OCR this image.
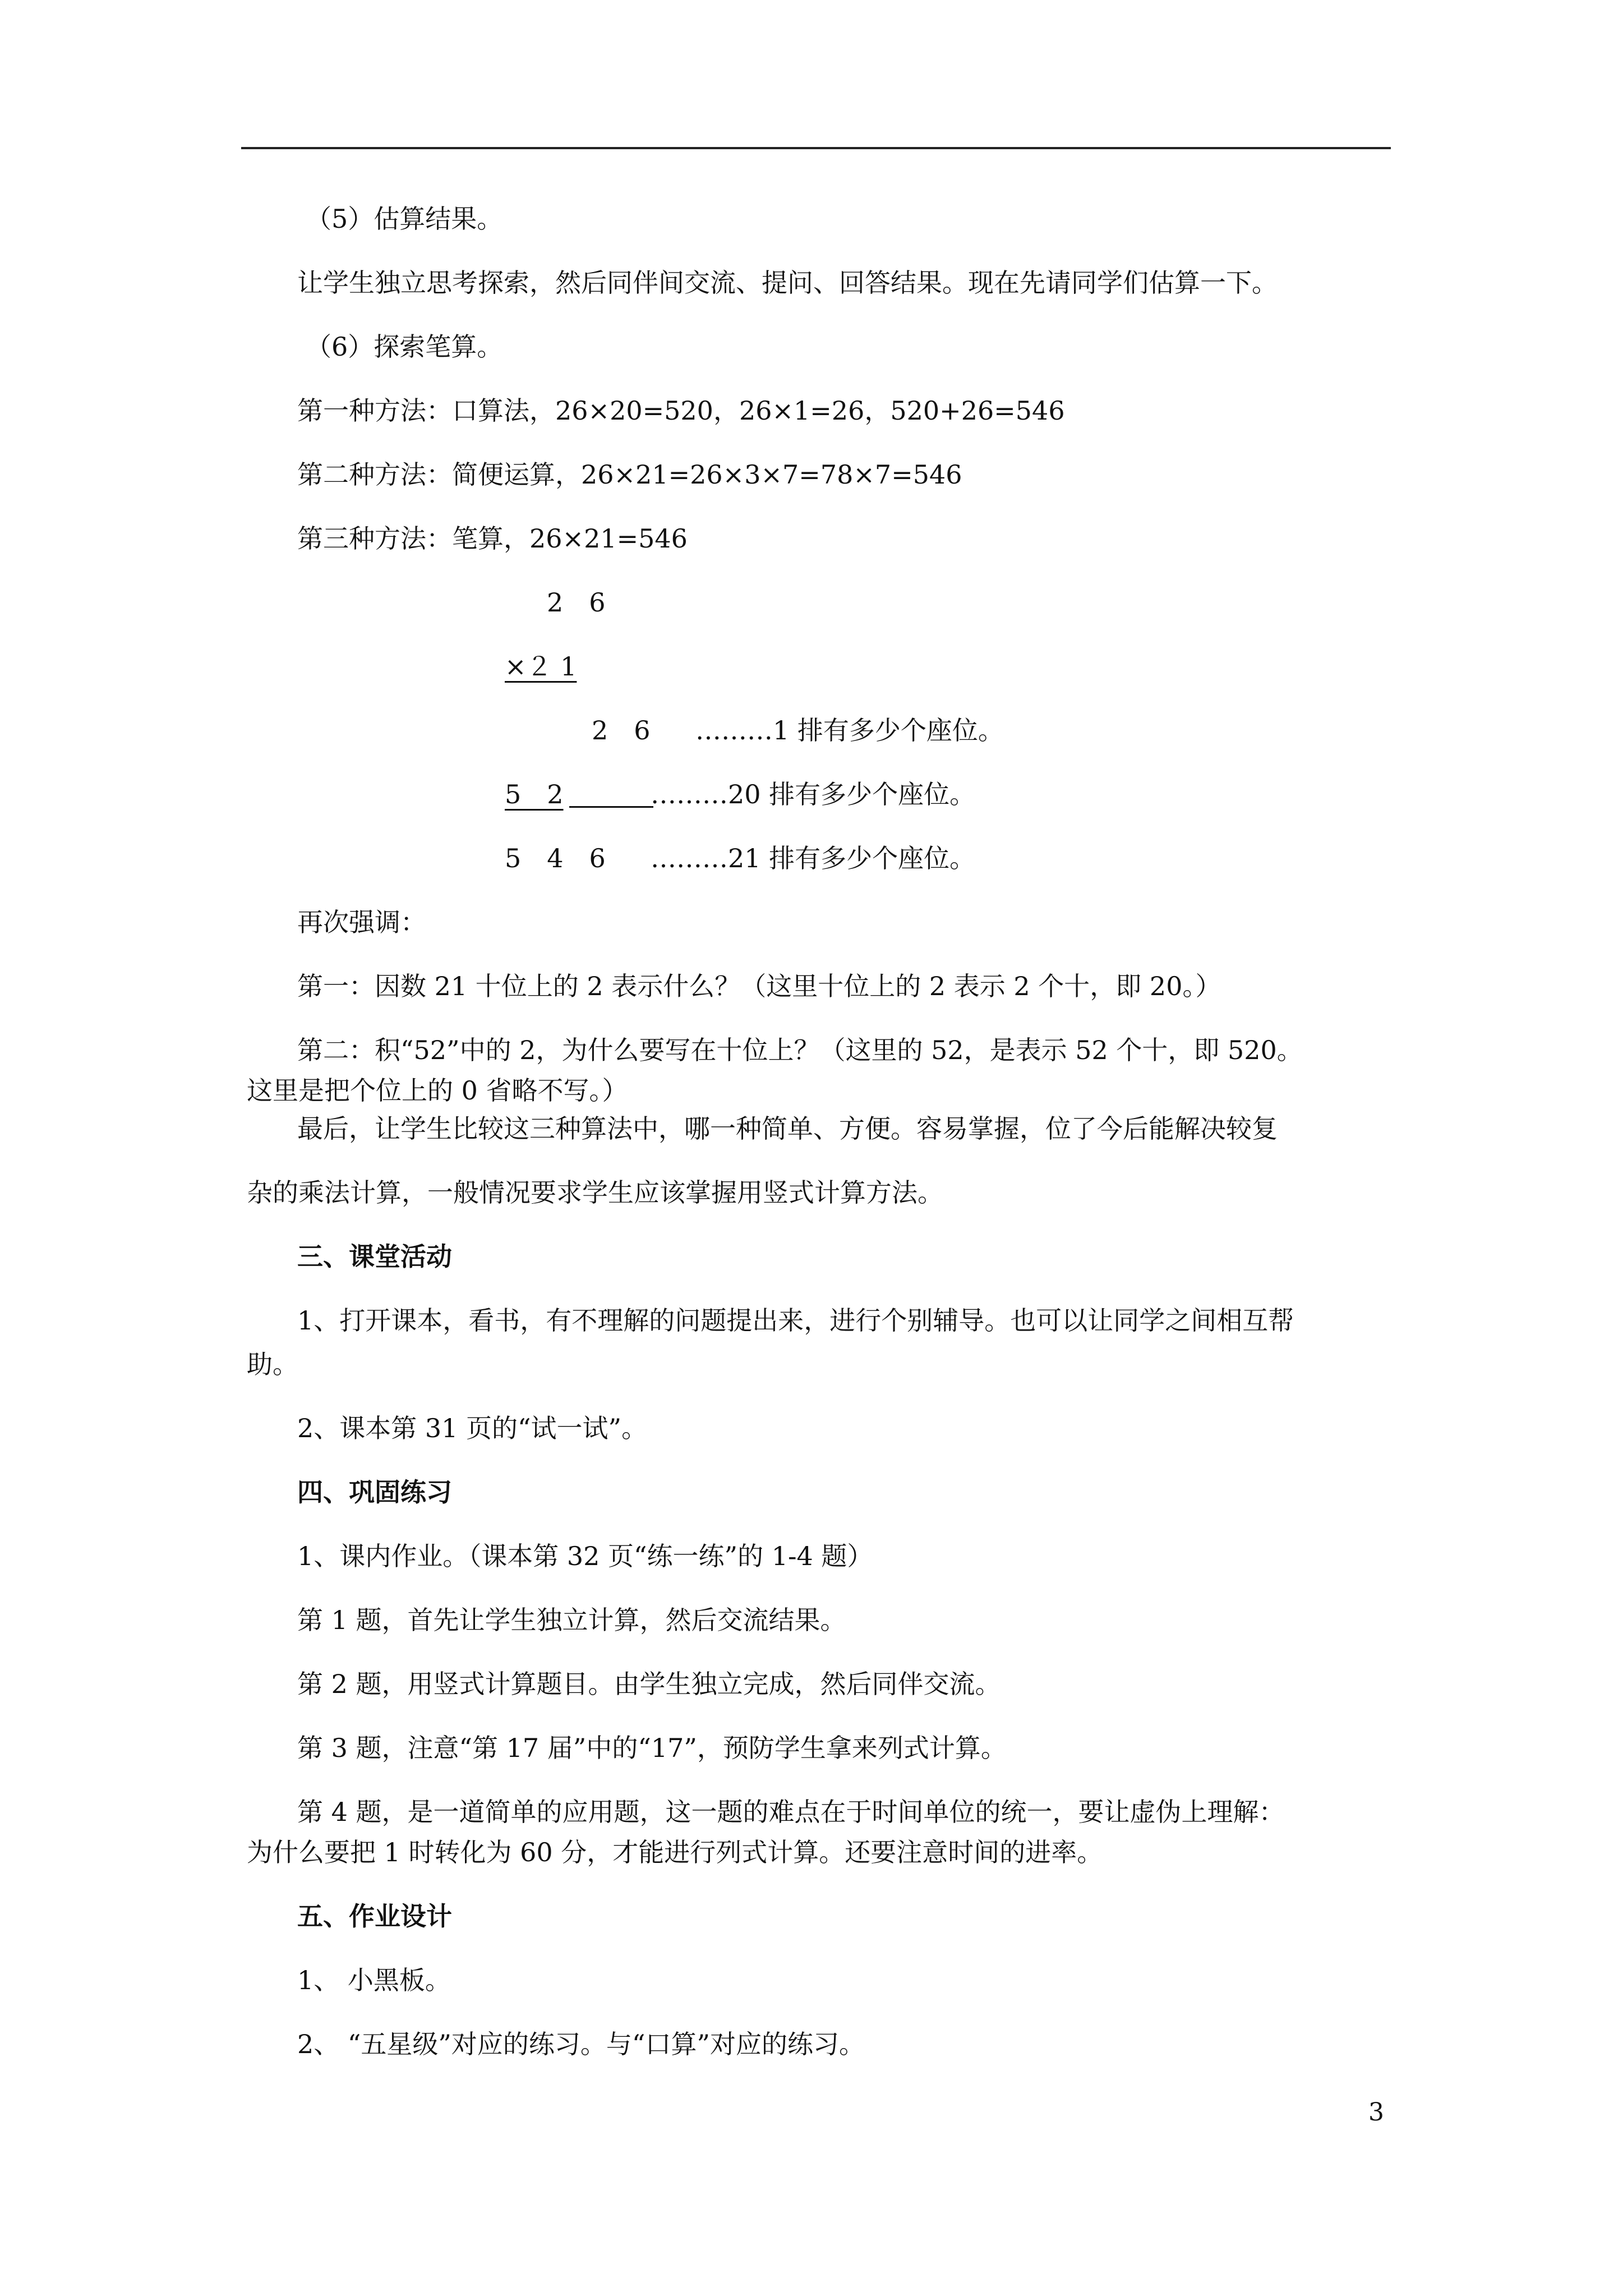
（5）估算结果。
让学生独立思考探索，然后同伴间交流、提问、回答结果。现在先请同学们估算一下。
（6）探索笔算。
第一种方法：口算法，26×20=520，26×1=26，520+26=546
第二种方法：简便运算，26×21=26×3×7=78×7=546
第三种方法：笔算，26×21=546
2　6
×２ 1
2　6 ………1 排有多少个座位。
5　2	………20 排有多少个座位。
5　4　6 ………21 排有多少个座位。
再次强调：
第一：因数 21 十位上的 2 表示什么？（这里十位上的 2 表示 2 个十，即 20。）
第二：积“52”中的 2，为什么要写在十位上？（这里的 52，是表示 52 个十，即 520。
这里是把个位上的 0 省略不写。）
最后，让学生比较这三种算法中，哪一种简单、方便。容易掌握，位了今后能解决较复
杂的乘法计算，一般情况要求学生应该掌握用竖式计算方法。
三、课堂活动
1、打开课本，看书，有不理解的问题提出来，进行个别辅导。也可以让同学之间相互帮
助。
2、课本第 31 页的“试一试”。
四、巩固练习
1、课内作业。（课本第 32 页“练一练”的 1-4 题）
第 1 题，首先让学生独立计算，然后交流结果。
第 2 题，用竖式计算题目。由学生独立完成，然后同伴交流。
第 3 题，注意“第 17 届”中的“17”，预防学生拿来列式计算。
第 4 题，是一道简单的应用题，这一题的难点在于时间单位的统一，要让虚伪上理解：
为什么要把 1 时转化为 60 分，才能进行列式计算。还要注意时间的进率。
五、作业设计
1、 小黑板。
2、 “五星级”对应的练习。与“口算”对应的练习。
3
